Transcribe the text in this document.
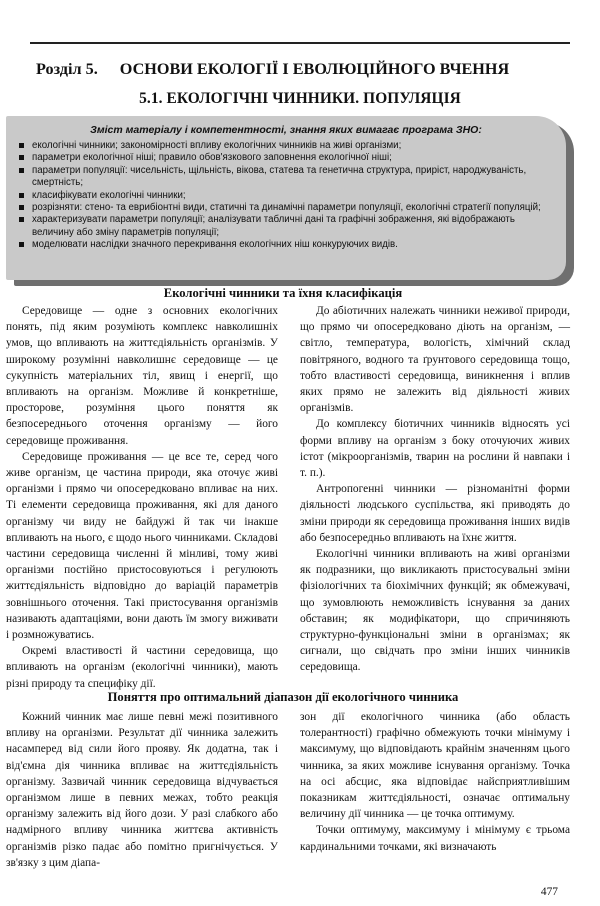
Розділ 5. ОСНОВИ ЕКОЛОГІЇ І ЕВОЛЮЦІЙНОГО ВЧЕННЯ
5.1. ЕКОЛОГІЧНІ ЧИННИКИ. ПОПУЛЯЦІЯ
Зміст матеріалу і компетентності, знання яких вимагає програма ЗНО:
екологічні чинники; закономірності впливу екологічних чинників на живі організми;
параметри екологічної ніші; правило обов'язкового заповнення екологічної ніші;
параметри популяції: чисельність, щільність, вікова, статева та генетична структура, приріст, народжуваність, смертність;
класифікувати екологічні чинники;
розрізняти: стено- та еврибіонтні види, статичні та динамічні параметри популяції, екологічні стратегії популяцій;
характеризувати параметри популяції; аналізувати табличні дані та графічні зображення, які відображають величину або зміну параметрів популяції;
моделювати наслідки значного перекривання екологічних ніш конкуруючих видів.
Екологічні чинники та їхня класифікація

Середовище — одне з основних екологічних понять, під яким розуміють комплекс навколишніх умов, що впливають на життєдіяльність організмів. У широкому розумінні навколишнє середовище — це сукупність матеріальних тіл, явищ і енергії, що впливають на організм. Можливе й конкретніше, просторове, розуміння цього поняття як безпосереднього оточення організму — його середовище проживання.

Середовище проживання — це все те, серед чого живе організм, це частина природи, яка оточує живі організми і прямо чи опосередковано впливає на них. Ті елементи середовища проживання, які для даного організму чи виду не байдужі й так чи інакше впливають на нього, є щодо нього чинниками. Складові частини середовища численні й мінливі, тому живі організми постійно пристосовуються і регулюють життєдіяльність відповідно до варіацій параметрів зовнішнього оточення. Такі пристосування організмів називають адаптаціями, вони дають їм змогу виживати і розмножуватись.

Окремі властивості й частини середовища, що впливають на організм (екологічні чинники), мають різні природу та специфіку дії.

До абіотичних належать чинники неживої природи, що прямо чи опосередковано діють на організм, — світло, температура, вологість, хімічний склад повітряного, водного та ґрунтового середовища тощо, тобто властивості середовища, виникнення і вплив яких прямо не залежить від діяльності живих організмів.

До комплексу біотичних чинників відносять усі форми впливу на організм з боку оточуючих живих істот (мікроорганізмів, тварин на рослини й навпаки і т. п.).

Антропогенні чинники — різноманітні форми діяльності людського суспільства, які приводять до зміни природи як середовища проживання інших видів або безпосередньо впливають на їхнє життя.

Екологічні чинники впливають на живі організми як подразники, що викликають пристосувальні зміни фізіологічних та біохімічних функцій; як обмежувачі, що зумовлюють неможливість існування за даних обставин; як модифікатори, що спричиняють структурно-функціональні зміни в організмах; як сигнали, що свідчать про зміни інших чинників середовища.

Поняття про оптимальний діапазон дії екологічного чинника

Кожний чинник має лише певні межі позитивного впливу на організми. Результат дії чинника залежить насамперед від сили його прояву. Як додатна, так і від'ємна дія чинника впливає на життєдіяльність організму. Зазвичай чинник середовища відчувається організмом лише в певних межах, тобто реакція організму залежить від його дози. У разі слабкого або надмірного впливу чинника життєва активність організмів різко падає або помітно пригнічується. У зв'язку з цим діапа-

зон дії екологічного чинника (або область толерантності) графічно обмежують точки мінімуму і максимуму, що відповідають крайнім значенням цього чинника, за яких можливе існування організму. Точка на осі абсцис, яка відповідає найсприятливішим показникам життєдіяльності, означає оптимальну величину дії чинника — це точка оптимуму.

Точки оптимуму, максимуму і мінімуму є трьома кардинальними точками, які визначають

477
